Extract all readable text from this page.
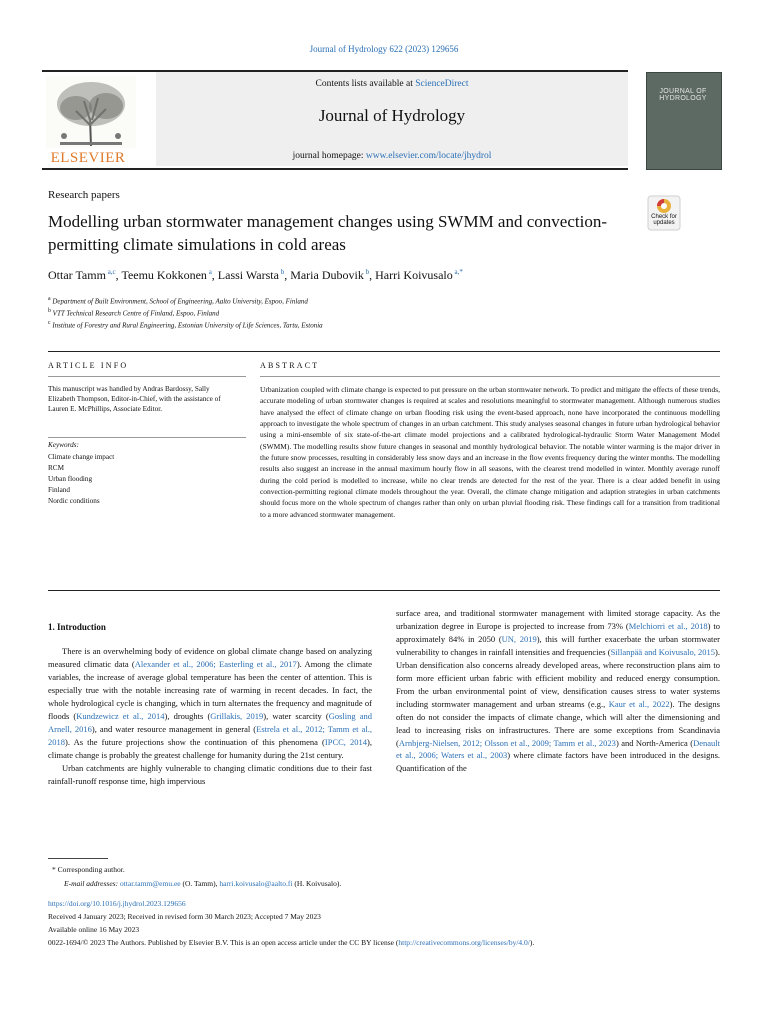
Journal of Hydrology 622 (2023) 129656
ELSEVIER
Contents lists available at ScienceDirect
Journal of Hydrology
journal homepage: www.elsevier.com/locate/jhydrol
JOURNAL OF HYDROLOGY
Research papers
Modelling urban stormwater management changes using SWMM and convection-permitting climate simulations in cold areas
Check for updates
Ottar Tamm $^{a,c}$, Teemu Kokkonen $^a$, Lassi Warsta $^b$, Maria Dubovik $^b$, Harri Koivusalo $^{a,*}$
$^a$ Department of Built Environment, School of Engineering, Aalto University, Espoo, Finland
$^b$ VTT Technical Research Centre of Finland, Espoo, Finland
$^c$ Institute of Forestry and Rural Engineering, Estonian University of Life Sciences, Tartu, Estonia
ARTICLE INFO	ABSTRACT
This manuscript was handled by Andras Bardossy, Sally Elizabeth Thompson, Editor-in-Chief, with the assistance of Lauren E. McPhillips, Associate Editor.
Keywords:
Climate change impact
RCM
Urban flooding
Finland
Nordic conditions
Urbanization coupled with climate change is expected to put pressure on the urban stormwater network. To predict and mitigate the effects of these trends, accurate modeling of urban stormwater changes is required at scales and resolutions meaningful to stormwater management. Although numerous studies have analysed the effect of climate change on urban flooding risk using the event-based approach, none have incorporated the continuous modelling approach to investigate the whole spectrum of changes in an urban catchment. This study analyses seasonal changes in future urban hydrological behavior using a mini-ensemble of six state-of-the-art climate model projections and a calibrated hydrological-hydraulic Storm Water Management Model (SWMM). The modelling results show future changes in seasonal and monthly hydrological behavior. The notable winter warming is the major driver in the future snow processes, resulting in considerably less snow days and an increase in the flow events frequency during the winter months. The modelling results also suggest an increase in the annual maximum hourly flow in all seasons, with the clearest trend modelled in winter. Monthly average runoff during the cold period is modelled to increase, while no clear trends are detected for the rest of the year. There is a clear added benefit in using convection-permitting regional climate models throughout the year. Overall, the climate change mitigation and adaption strategies in urban catchments should focus more on the whole spectrum of changes rather than only on urban pluvial flooding risk. These findings call for a transition from traditional to a more advanced stormwater management.
1. Introduction

There is an overwhelming body of evidence on global climate change based on analyzing measured climatic data (Alexander et al., 2006; Easterling et al., 2017). Among the climate variables, the increase of average global temperature has been the center of attention. This is especially true with the notable increasing rate of warming in recent decades. In fact, the whole hydrological cycle is changing, which in turn alternates the frequency and magnitude of floods (Kundzewicz et al., 2014), droughts (Grillakis, 2019), water scarcity (Gosling and Arnell, 2016), and water resource management in general (Estrela et al., 2012; Tamm et al., 2018). As the future projections show the continuation of this phenomena (IPCC, 2014), climate change is probably the greatest challenge for humanity during the 21st century.

Urban catchments are highly vulnerable to changing climatic conditions due to their fast rainfall-runoff response time, high impervious

surface area, and traditional stormwater management with limited storage capacity. As the urbanization degree in Europe is projected to increase from 73% (Melchiorri et al., 2018) to approximately 84% in 2050 (UN, 2019), this will further exacerbate the urban stormwater vulnerability to changes in rainfall intensities and frequencies (Sillanpää and Koivusalo, 2015). Urban densification also concerns already developed areas, where reconstruction plans aim to form more efficient urban fabric with efficient mobility and reduced energy consumption. From the urban environmental point of view, densification causes stress to water systems including stormwater management and urban streams (e.g., Kaur et al., 2022). The designs often do not consider the impacts of climate change, which will alter the dimensioning and lead to increasing risks on infrastructures. There are some exceptions from Scandinavia (Arnbjerg-Nielsen, 2012; Olsson et al., 2009; Tamm et al., 2023) and North-America (Denault et al., 2006; Waters et al., 2003) where climate factors have been introduced in the designs. Quantification of the

* Corresponding author.
E-mail addresses: ottar.tamm@emu.ee (O. Tamm), harri.koivusalo@aalto.fi (H. Koivusalo).
https://doi.org/10.1016/j.jhydrol.2023.129656
Received 4 January 2023; Received in revised form 30 March 2023; Accepted 7 May 2023
Available online 16 May 2023
0022-1694/© 2023 The Authors. Published by Elsevier B.V. This is an open access article under the CC BY license (http://creativecommons.org/licenses/by/4.0/).
